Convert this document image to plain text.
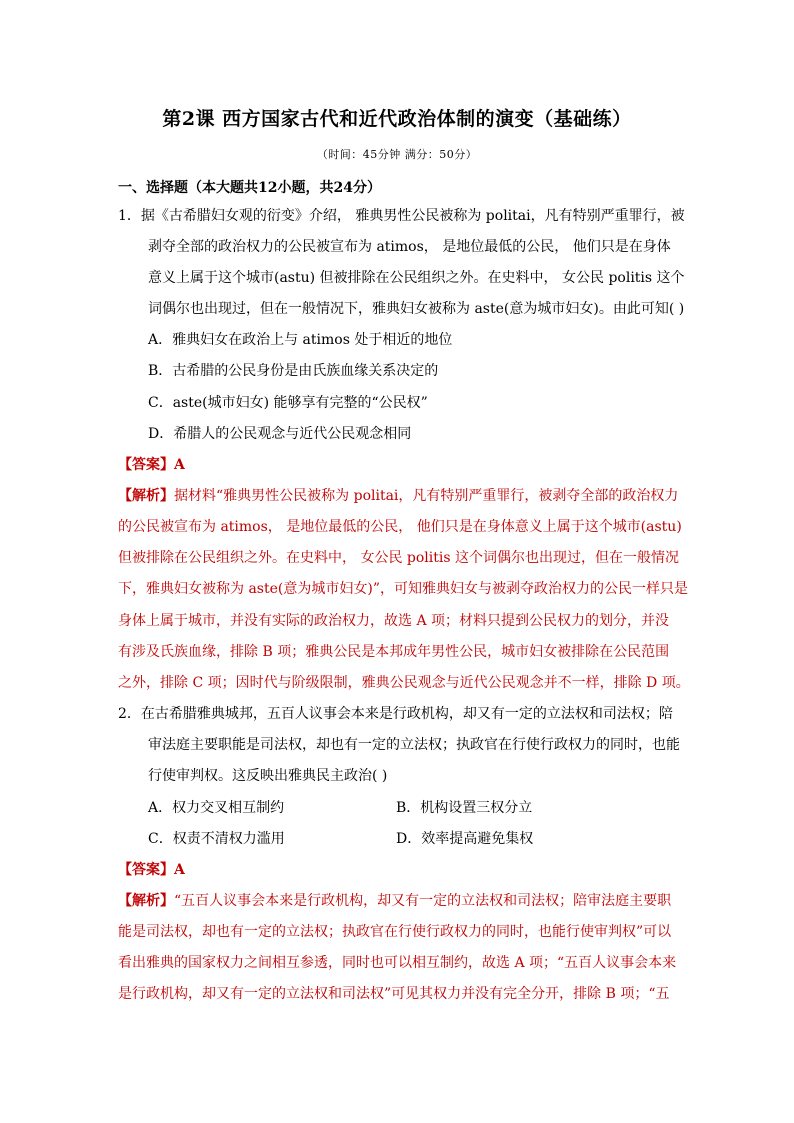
第2课 西方国家古代和近代政治体制的演变（基础练）
（时间：45分钟 满分：50分）
一、选择题（本大题共12小题，共24分）
1．据《古希腊妇女观的衍变》介绍， 雅典男性公民被称为 politai，凡有特别严重罪行，被
剥夺全部的政治权力的公民被宣布为 atimos， 是地位最低的公民， 他们只是在身体
意义上属于这个城市(astu) 但被排除在公民组织之外。在史料中， 女公民 politis 这个
词偶尔也出现过，但在一般情况下，雅典妇女被称为 aste(意为城市妇女)。由此可知( )
A．雅典妇女在政治上与 atimos 处于相近的地位
B．古希腊的公民身份是由氏族血缘关系决定的
C．aste(城市妇女) 能够享有完整的“公民权”
D．希腊人的公民观念与近代公民观念相同
【答案】A
【解析】据材料“雅典男性公民被称为 politai，凡有特别严重罪行，被剥夺全部的政治权力
的公民被宣布为 atimos， 是地位最低的公民， 他们只是在身体意义上属于这个城市(astu)
但被排除在公民组织之外。在史料中， 女公民 politis 这个词偶尔也出现过，但在一般情况
下，雅典妇女被称为 aste(意为城市妇女)”，可知雅典妇女与被剥夺政治权力的公民一样只是
身体上属于城市，并没有实际的政治权力，故选 A 项；材料只提到公民权力的划分，并没
有涉及氏族血缘，排除 B 项；雅典公民是本邦成年男性公民，城市妇女被排除在公民范围
之外，排除 C 项；因时代与阶级限制，雅典公民观念与近代公民观念并不一样，排除 D 项。
2．在古希腊雅典城邦，五百人议事会本来是行政机构，却又有一定的立法权和司法权；陪
审法庭主要职能是司法权，却也有一定的立法权；执政官在行使行政权力的同时，也能
行使审判权。这反映出雅典民主政治( )
A．权力交叉相互制约	B．机构设置三权分立
C．权责不清权力滥用	D．效率提高避免集权
【答案】A
【解析】“五百人议事会本来是行政机构，却又有一定的立法权和司法权；陪审法庭主要职
能是司法权，却也有一定的立法权；执政官在行使行政权力的同时，也能行使审判权”可以
看出雅典的国家权力之间相互参透，同时也可以相互制约，故选 A 项；“五百人议事会本来
是行政机构，却又有一定的立法权和司法权”可见其权力并没有完全分开，排除 B 项；“五
